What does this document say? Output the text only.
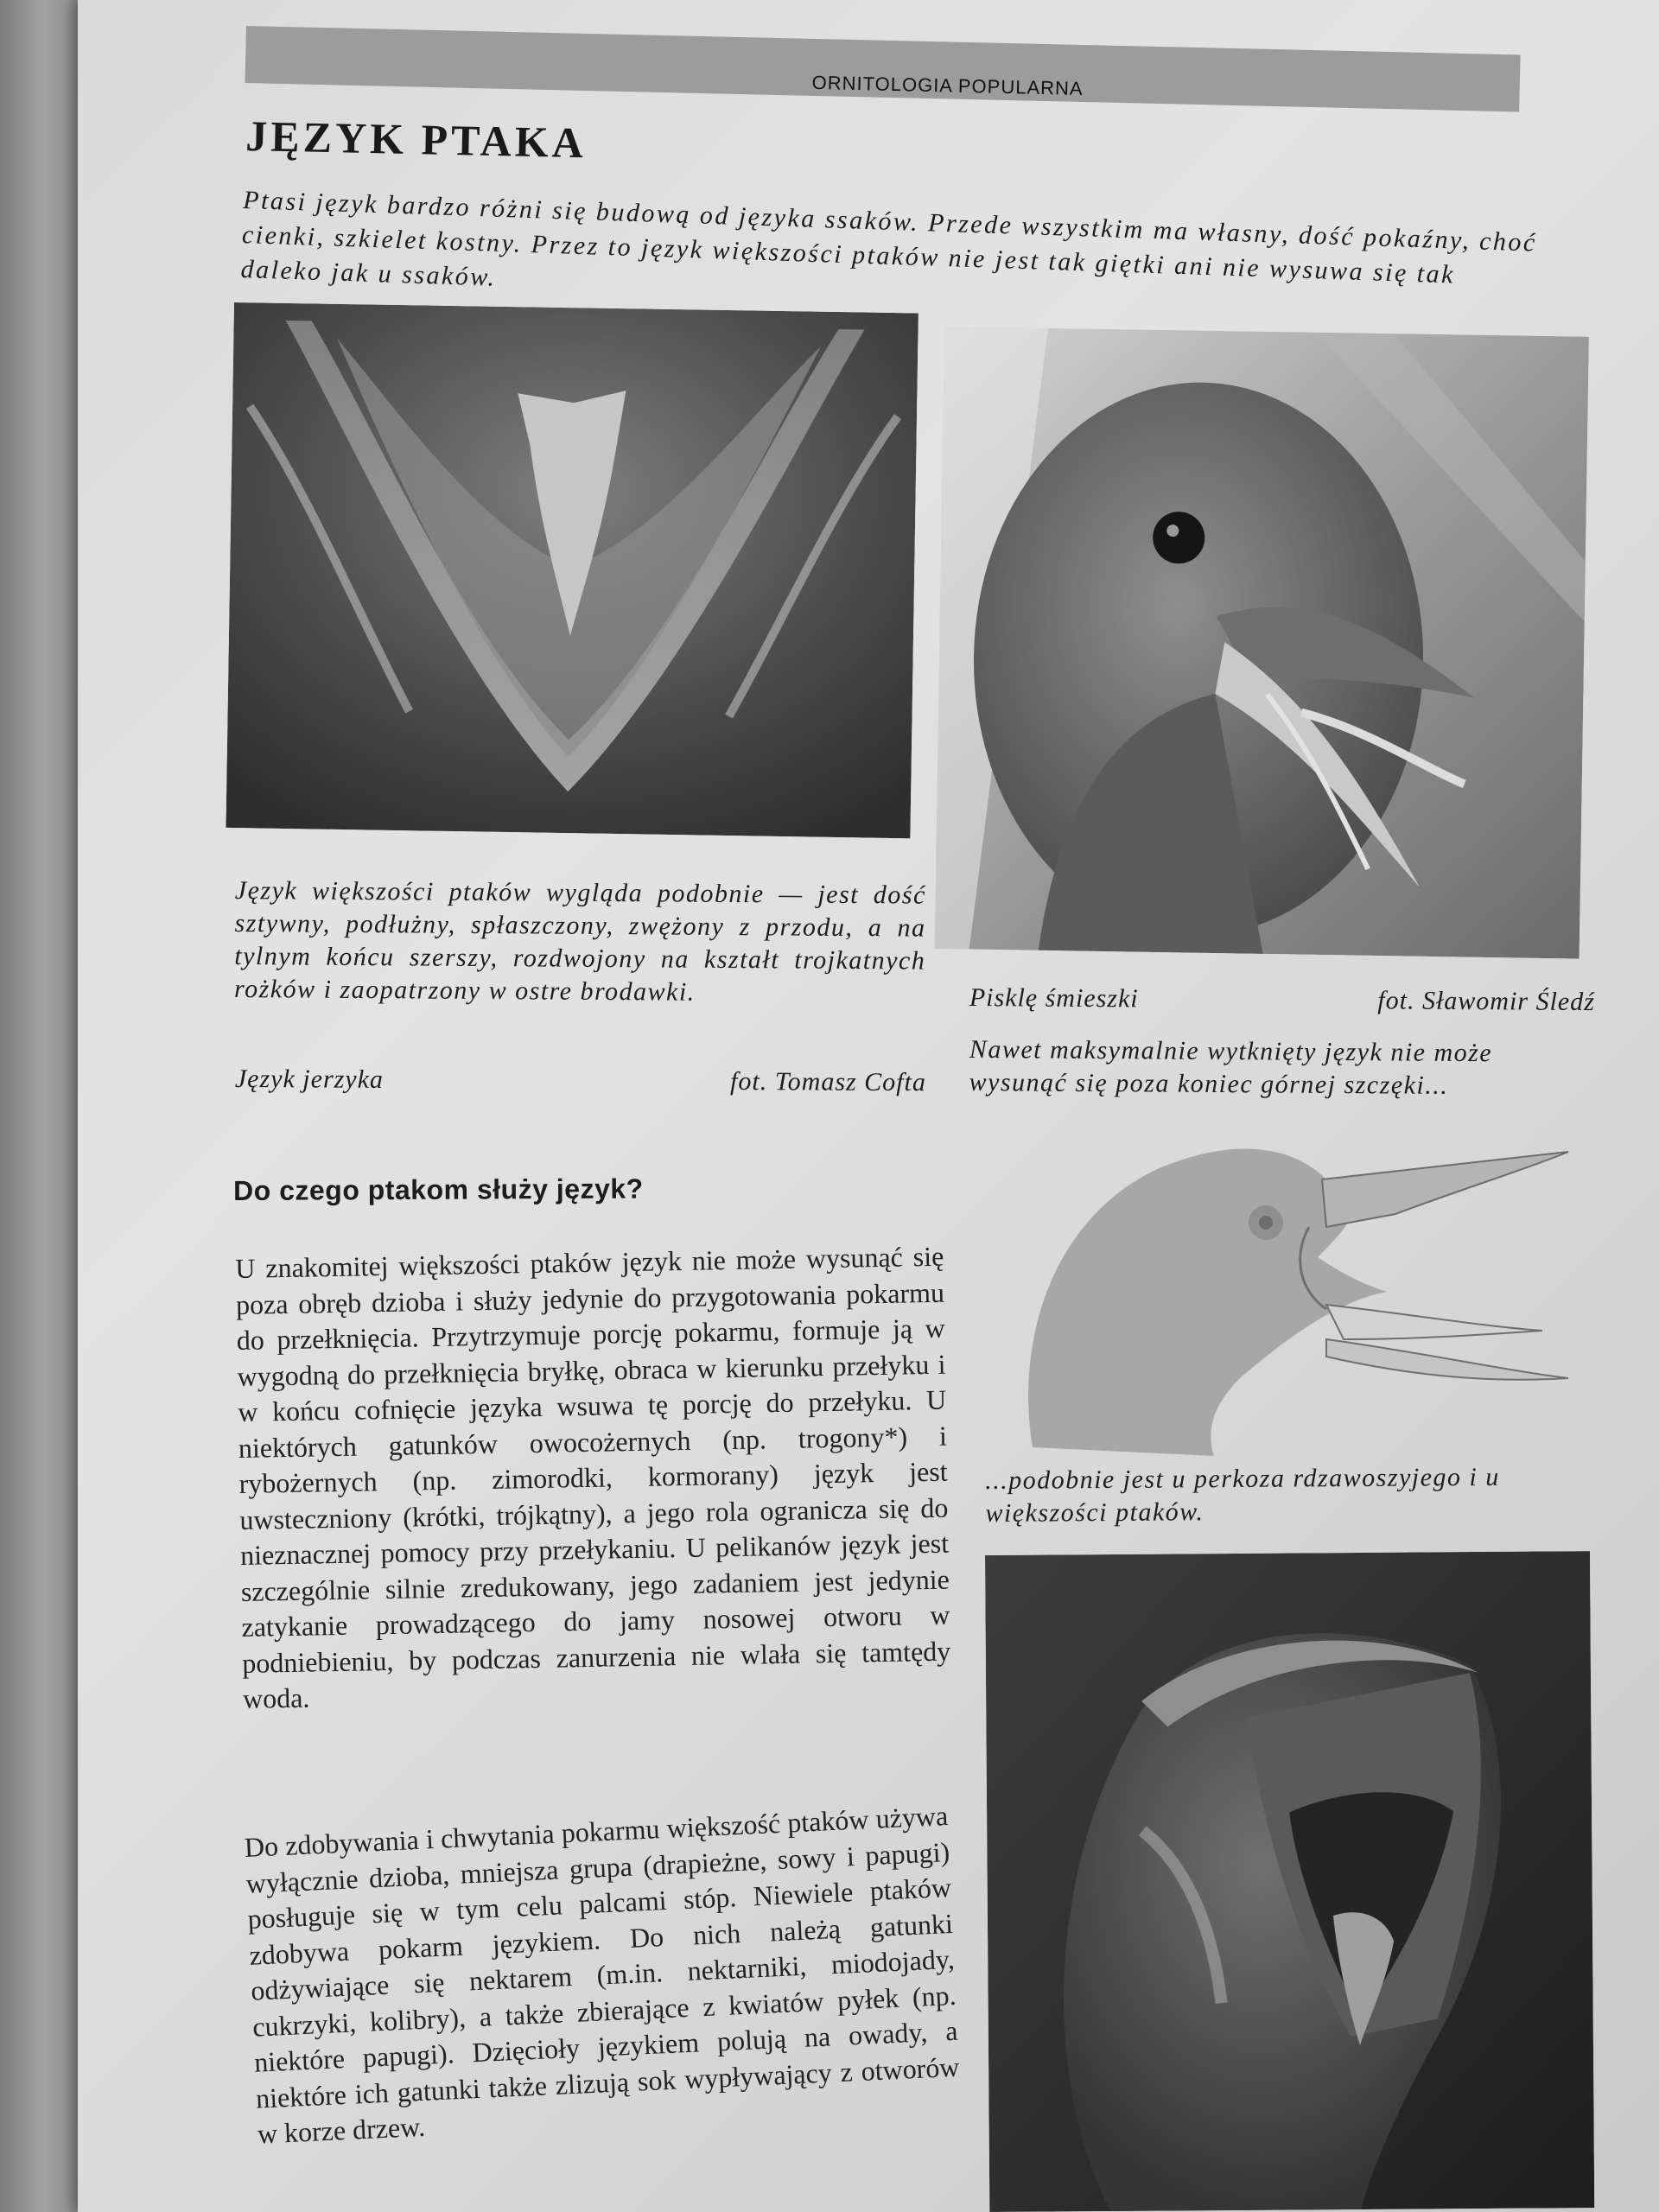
ORNITOLOGIA POPULARNA
JĘZYK PTAKA

Ptasi język bardzo różni się budową od języka ssaków. Przede wszystkim ma własny, dość pokaźny, choć cienki, szkielet kostny. Przez to język większości ptaków nie jest tak giętki ani nie wysuwa się tak daleko jak u ssaków.

Język większości ptaków wygląda podobnie — jest dość sztywny, podłużny, spłaszczony, zwężony z przodu, a na tylnym końcu szerszy, rozdwojony na kształt trojkatnych rożków i zaopatrzony w ostre brodawki.
Język jerzyka	fot. Tomasz Cofta
Pisklę śmieszki	fot. Sławomir Śledź
Nawet maksymalnie wytknięty język nie może wysunąć się poza koniec górnej szczęki...
...podobnie jest u perkoza rdzawoszyjego i u większości ptaków.
Do czego ptakom służy język?

U znakomitej większości ptaków język nie może wysunąć się poza obręb dzioba i służy jedynie do przygotowania pokarmu do przełknięcia. Przytrzymuje porcję pokarmu, formuje ją w wygodną do przełknięcia bryłkę, obraca w kierunku przełyku i w końcu cofnięcie języka wsuwa tę porcję do przełyku. U niektórych gatunków owocożernych (np. trogony*) i rybożernych (np. zimorodki, kormorany) język jest uwsteczniony (krótki, trójkątny), a jego rola ogranicza się do nieznacznej pomocy przy przełykaniu. U pelikanów język jest szczególnie silnie zredukowany, jego zadaniem jest jedynie zatykanie prowadzącego do jamy nosowej otworu w podniebieniu, by podczas zanurzenia nie wlała się tamtędy woda.

Do zdobywania i chwytania pokarmu większość ptaków używa wyłącznie dzioba, mniejsza grupa (drapieżne, sowy i papugi) posługuje się w tym celu palcami stóp. Niewiele ptaków zdobywa pokarm językiem. Do nich należą gatunki odżywiające się nektarem (m.in. nektarniki, miodojady, cukrzyki, kolibry), a także zbierające z kwiatów pyłek (np. niektóre papugi). Dzięcioły językiem polują na owady, a niektóre ich gatunki także zlizują sok wypływający z otworów w korze drzew.
